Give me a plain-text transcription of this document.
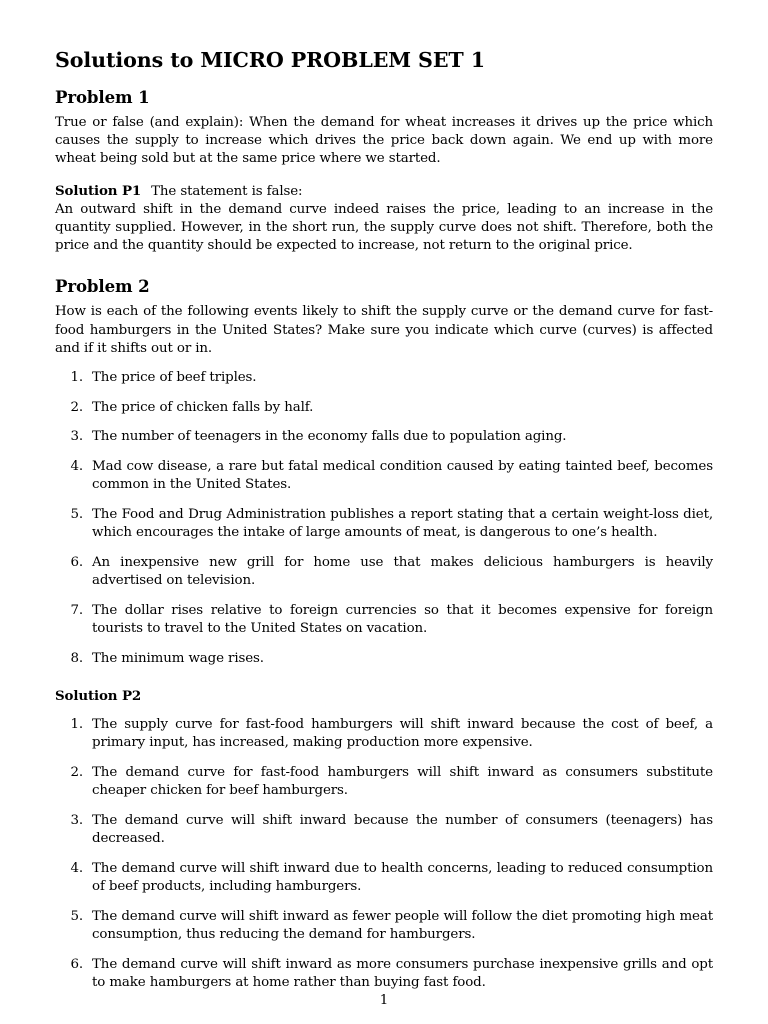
Solutions to MICRO PROBLEM SET 1
Problem 1

True or false (and explain): When the demand for wheat increases it drives up the price which causes the supply to increase which drives the price back down again. We end up with more wheat being sold but at the same price where we started.

Solution P1 The statement is false:

An outward shift in the demand curve indeed raises the price, leading to an increase in the quantity supplied. However, in the short run, the supply curve does not shift. Therefore, both the price and the quantity should be expected to increase, not return to the original price.

Problem 2

How is each of the following events likely to shift the supply curve or the demand curve for fast-food hamburgers in the United States? Make sure you indicate which curve (curves) is affected and if it shifts out or in.

1. The price of beef triples.
2. The price of chicken falls by half.
3. The number of teenagers in the economy falls due to population aging.
4. Mad cow disease, a rare but fatal medical condition caused by eating tainted beef, becomes common in the United States.
5. The Food and Drug Administration publishes a report stating that a certain weight-loss diet, which encourages the intake of large amounts of meat, is dangerous to one’s health.
6. An inexpensive new grill for home use that makes delicious hamburgers is heavily advertised on television.
7. The dollar rises relative to foreign currencies so that it becomes expensive for foreign tourists to travel to the United States on vacation.
8. The minimum wage rises.
Solution P2
1. The supply curve for fast-food hamburgers will shift inward because the cost of beef, a primary input, has increased, making production more expensive.
2. The demand curve for fast-food hamburgers will shift inward as consumers substitute cheaper chicken for beef hamburgers.
3. The demand curve will shift inward because the number of consumers (teenagers) has decreased.
4. The demand curve will shift inward due to health concerns, leading to reduced consumption of beef products, including hamburgers.
5. The demand curve will shift inward as fewer people will follow the diet promoting high meat consumption, thus reducing the demand for hamburgers.
6. The demand curve will shift inward as more consumers purchase inexpensive grills and opt to make hamburgers at home rather than buying fast food.
1
